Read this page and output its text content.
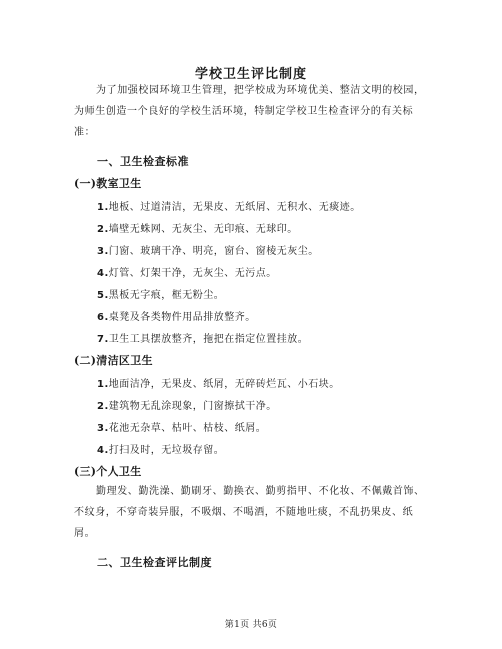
学校卫生评比制度
为了加强校园环境卫生管理，把学校成为环境优美、整洁文明的校园，为师生创造一个良好的学校生活环境，特制定学校卫生检查评分的有关标准：
一、卫生检查标准
(一)教室卫生
1.地板、过道清洁，无果皮、无纸屑、无积水、无痰迹。
2.墙壁无蛛网、无灰尘、无印痕、无球印。
3.门窗、玻璃干净、明亮，窗台、窗棱无灰尘。
4.灯管、灯架干净，无灰尘、无污点。
5.黑板无字痕，框无粉尘。
6.桌凳及各类物件用品排放整齐。
7.卫生工具摆放整齐，拖把在指定位置挂放。
(二)清洁区卫生
1.地面洁净，无果皮、纸屑，无碎砖烂瓦、小石块。
2.建筑物无乱涂现象，门窗擦拭干净。
3.花池无杂草、枯叶、枯枝、纸屑。
4.打扫及时，无垃圾存留。
(三)个人卫生
勤理发、勤洗澡、勤刷牙、勤换衣、勤剪指甲、不化妆、不佩戴首饰、不纹身，不穿奇装异服，不吸烟、不喝酒，不随地吐痰，不乱扔果皮、纸屑。
二、卫生检查评比制度
第1页 共6页
